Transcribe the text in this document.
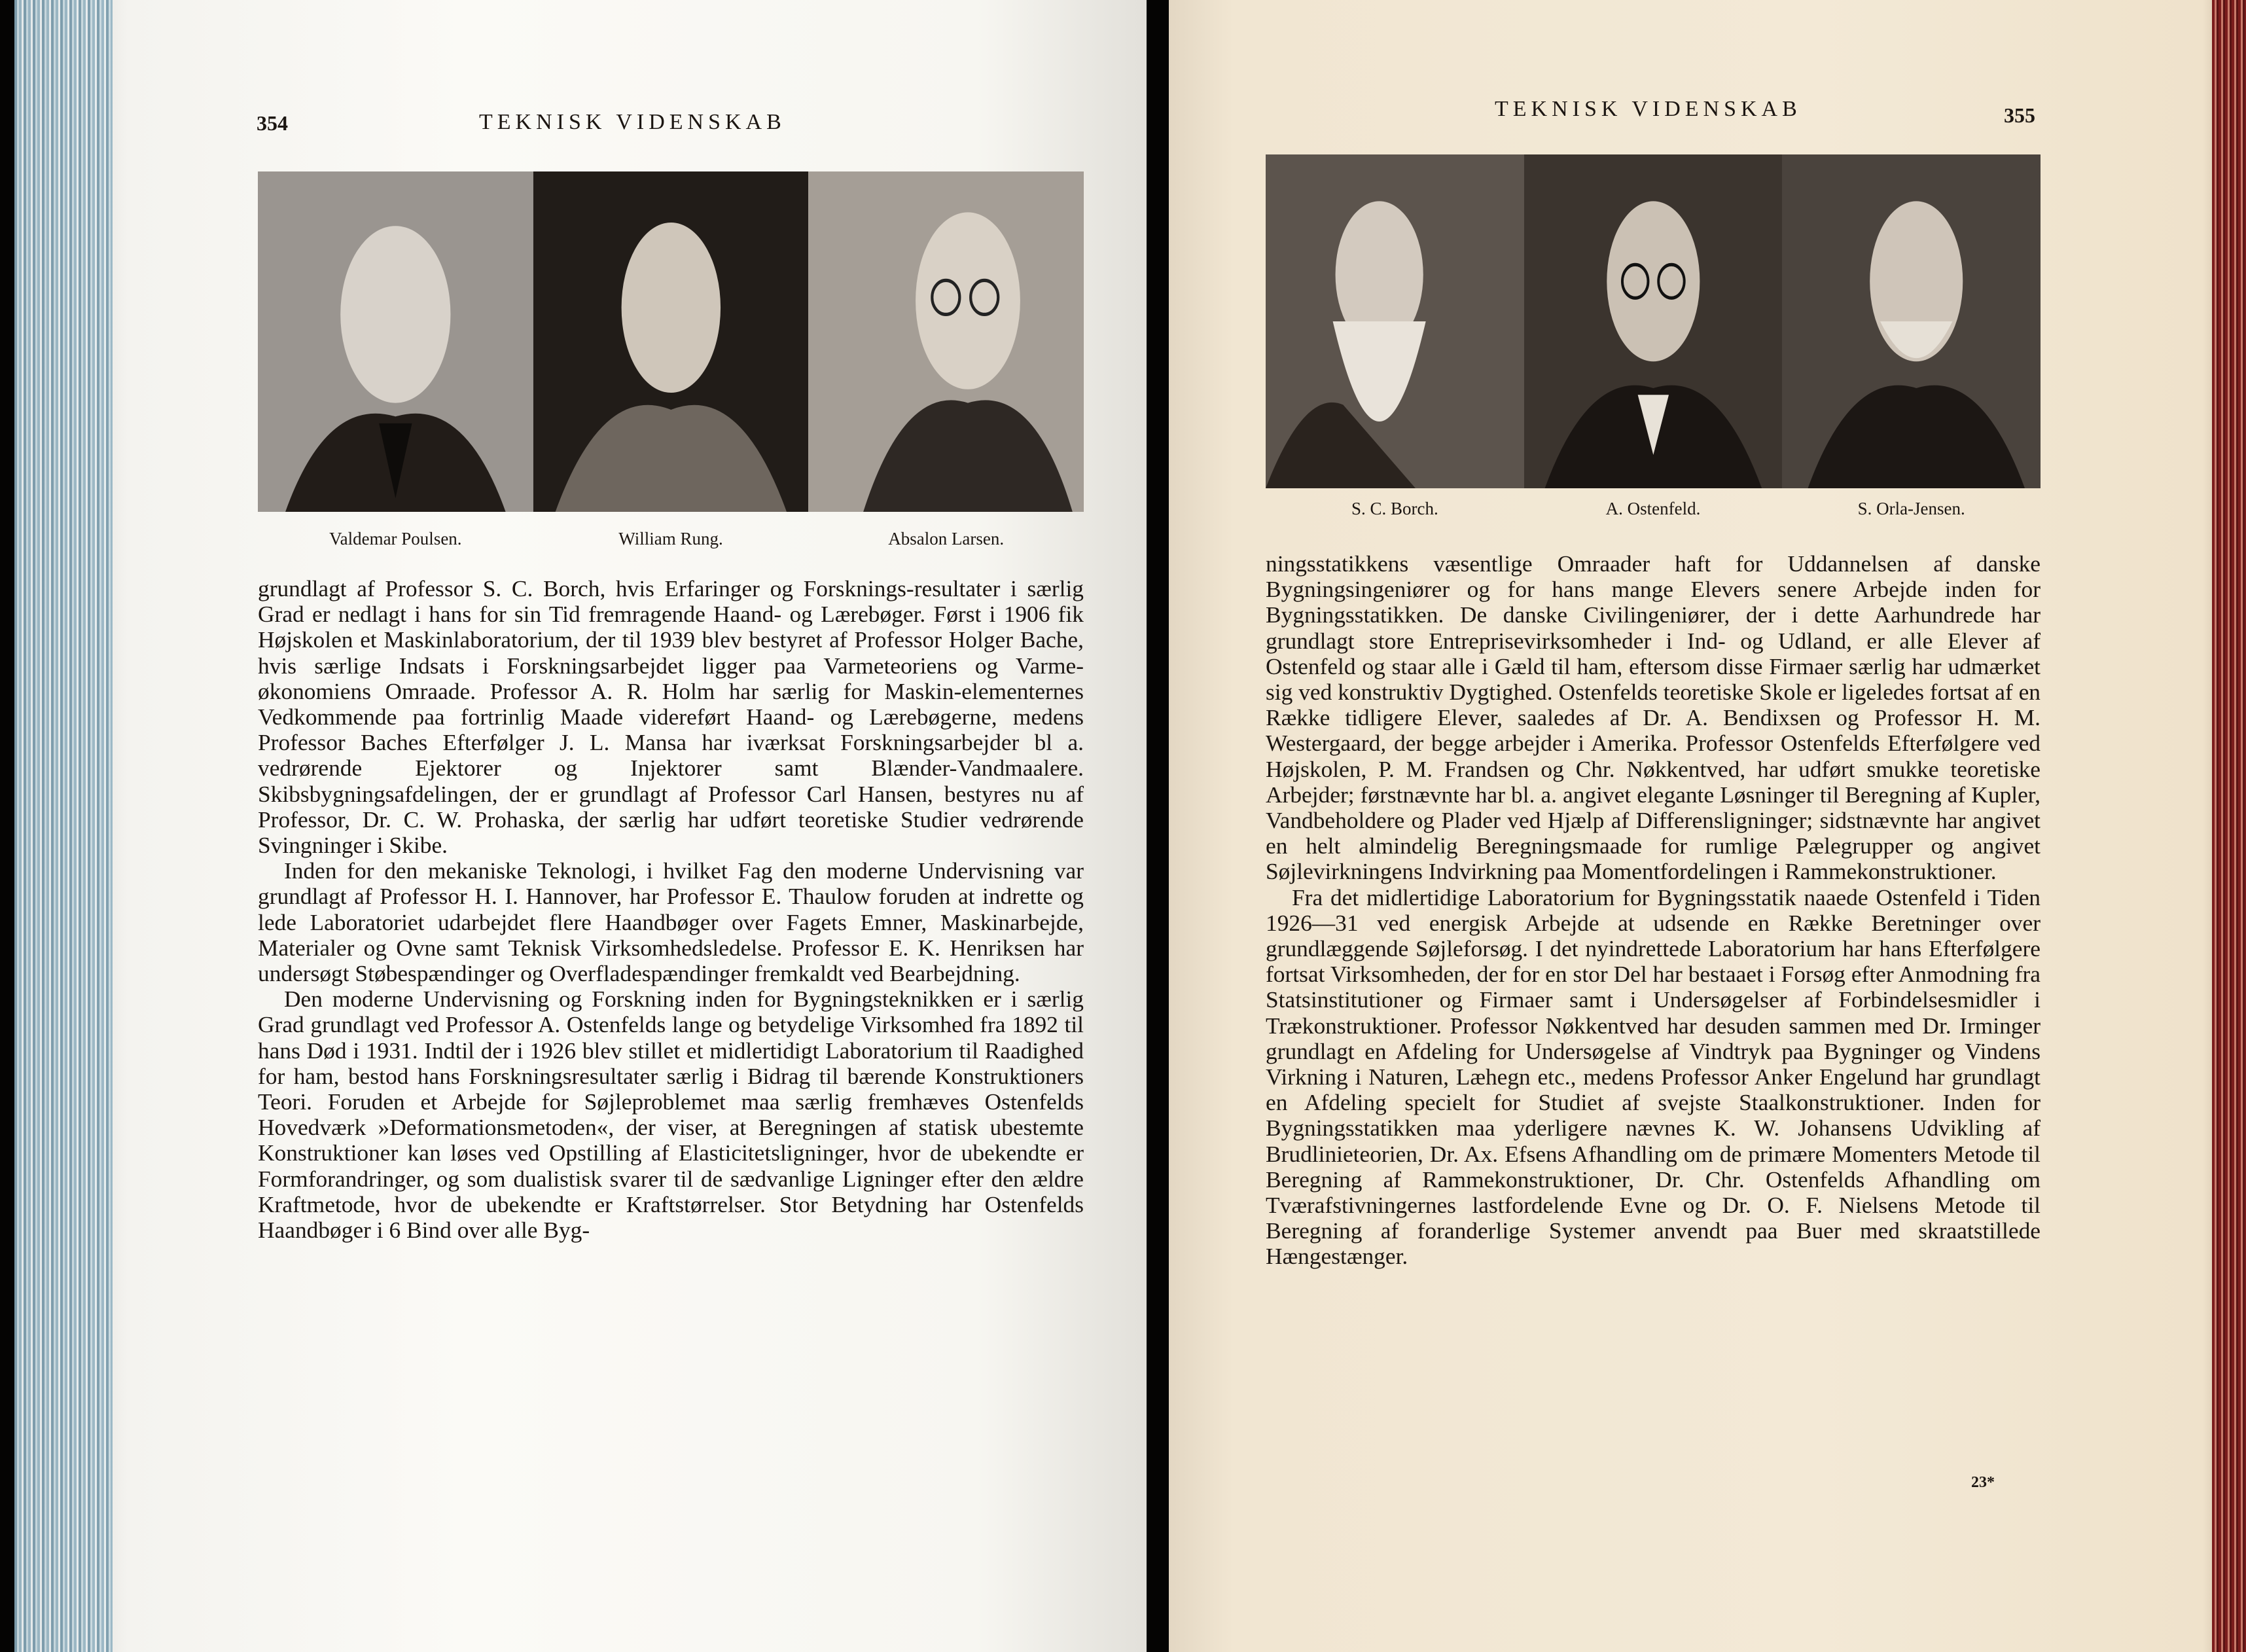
354	TEKNISK VIDENSKAB
Valdemar Poulsen.	William Rung.	Absalon Larsen.

grundlagt af Professor S. C. Borch, hvis Erfaringer og Forsknings-resultater i særlig Grad er nedlagt i hans for sin Tid fremragende Haand- og Lærebøger. Først i 1906 fik Højskolen et Maskinlaboratorium, der til 1939 blev bestyret af Professor Holger Bache, hvis særlige Indsats i Forskningsarbejdet ligger paa Varmeteoriens og Varme-økonomiens Omraade. Professor A. R. Holm har særlig for Maskin-elementernes Vedkommende paa fortrinlig Maade videreført Haand- og Lærebøgerne, medens Professor Baches Efterfølger J. L. Mansa har iværksat Forskningsarbejder bl a. vedrørende Ejektorer og Injektorer samt Blænder-Vandmaalere. Skibsbygningsafdelingen, der er grundlagt af Professor Carl Hansen, bestyres nu af Professor, Dr. C. W. Prohaska, der særlig har udført teoretiske Studier vedrørende Svingninger i Skibe.

Inden for den mekaniske Teknologi, i hvilket Fag den moderne Undervisning var grundlagt af Professor H. I. Hannover, har Professor E. Thaulow foruden at indrette og lede Laboratoriet udarbejdet flere Haandbøger over Fagets Emner, Maskinarbejde, Materialer og Ovne samt Teknisk Virksomhedsledelse. Professor E. K. Henriksen har undersøgt Støbespændinger og Overfladespændinger fremkaldt ved Bearbejdning.

Den moderne Undervisning og Forskning inden for Bygningsteknikken er i særlig Grad grundlagt ved Professor A. Ostenfelds lange og betydelige Virksomhed fra 1892 til hans Død i 1931. Indtil der i 1926 blev stillet et midlertidigt Laboratorium til Raadighed for ham, bestod hans Forskningsresultater særlig i Bidrag til bærende Konstruktioners Teori. Foruden et Arbejde for Søjleproblemet maa særlig fremhæves Ostenfelds Hovedværk »Deformationsmetoden«, der viser, at Beregningen af statisk ubestemte Konstruktioner kan løses ved Opstilling af Elasticitetsligninger, hvor de ubekendte er Formforandringer, og som dualistisk svarer til de sædvanlige Ligninger efter den ældre Kraftmetode, hvor de ubekendte er Kraftstørrelser. Stor Betydning har Ostenfelds Haandbøger i 6 Bind over alle Byg-

TEKNISK VIDENSKAB	355
S. C. Borch.	A. Ostenfeld.	S. Orla-Jensen.

ningsstatikkens væsentlige Omraader haft for Uddannelsen af danske Bygningsingeniører og for hans mange Elevers senere Arbejde inden for Bygningsstatikken. De danske Civilingeniører, der i dette Aarhundrede har grundlagt store Entreprisevirksomheder i Ind- og Udland, er alle Elever af Ostenfeld og staar alle i Gæld til ham, eftersom disse Firmaer særlig har udmærket sig ved konstruktiv Dygtighed. Ostenfelds teoretiske Skole er ligeledes fortsat af en Række tidligere Elever, saaledes af Dr. A. Bendixsen og Professor H. M. Westergaard, der begge arbejder i Amerika. Professor Ostenfelds Efterfølgere ved Højskolen, P. M. Frandsen og Chr. Nøkkentved, har udført smukke teoretiske Arbejder; førstnævnte har bl. a. angivet elegante Løsninger til Beregning af Kupler, Vandbeholdere og Plader ved Hjælp af Differensligninger; sidstnævnte har angivet en helt almindelig Beregningsmaade for rumlige Pælegrupper og angivet Søjlevirkningens Indvirkning paa Momentfordelingen i Rammekonstruktioner.

Fra det midlertidige Laboratorium for Bygningsstatik naaede Ostenfeld i Tiden 1926—31 ved energisk Arbejde at udsende en Række Beretninger over grundlæggende Søjleforsøg. I det nyindrettede Laboratorium har hans Efterfølgere fortsat Virksomheden, der for en stor Del har bestaaet i Forsøg efter Anmodning fra Statsinstitutioner og Firmaer samt i Undersøgelser af Forbindelsesmidler i Trækonstruktioner. Professor Nøkkentved har desuden sammen med Dr. Irminger grundlagt en Afdeling for Undersøgelse af Vindtryk paa Bygninger og Vindens Virkning i Naturen, Læhegn etc., medens Professor Anker Engelund har grundlagt en Afdeling specielt for Studiet af svejste Staalkonstruktioner. Inden for Bygningsstatikken maa yderligere nævnes K. W. Johansens Udvikling af Brudlinieteorien, Dr. Ax. Efsens Afhandling om de primære Momenters Metode til Beregning af Rammekonstruktioner, Dr. Chr. Ostenfelds Afhandling om Tværafstivningernes lastfordelende Evne og Dr. O. F. Nielsens Metode til Beregning af foranderlige Systemer anvendt paa Buer med skraatstillede Hængestænger.

23*
